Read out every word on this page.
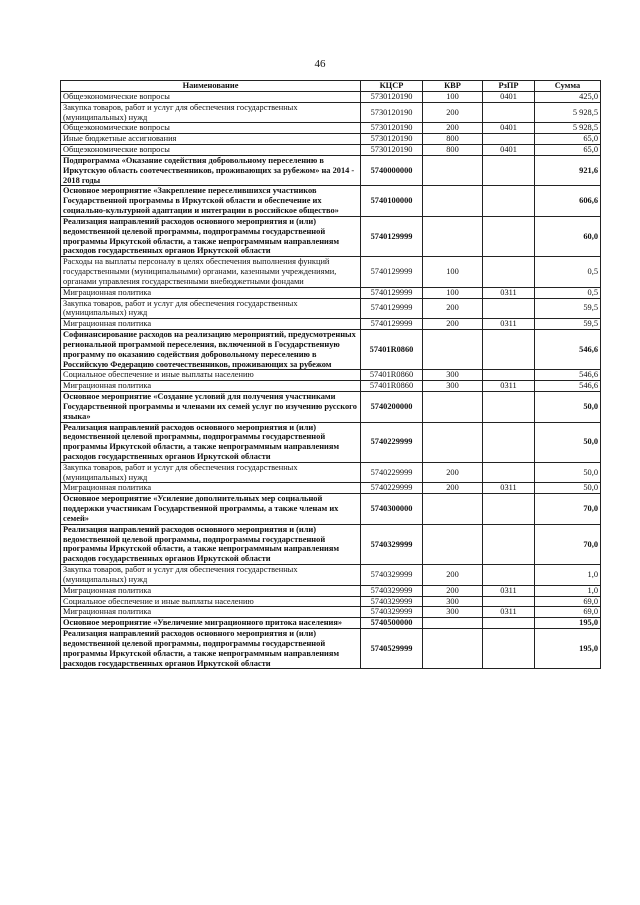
46
Наименование	КЦСР	КВР	РзПР	Сумма
Общеэкономические вопросы	5730120190	100	0401	425,0
Закупка товаров, работ и услуг для обеспечения государственных (муниципальных) нужд	5730120190	200		5 928,5
Общеэкономические вопросы	5730120190	200	0401	5 928,5
Иные бюджетные ассигнования	5730120190	800		65,0
Общеэкономические вопросы	5730120190	800	0401	65,0
Подпрограмма «Оказание содействия добровольному переселению в Иркутскую область соотечественников, проживающих за рубежом» на 2014 - 2018 годы	5740000000			921,6
Основное мероприятие «Закрепление переселившихся участников Государственной программы в Иркутской области и обеспечение их социально-культурной адаптации и интеграции в российское общество»	5740100000			606,6
Реализация направлений расходов основного мероприятия и (или) ведомственной целевой программы, подпрограммы государственной программы Иркутской области, а также непрограммным направлениям расходов государственных органов Иркутской области	5740129999			60,0
Расходы на выплаты персоналу в целях обеспечения выполнения функций государственными (муниципальными) органами, казенными учреждениями, органами управления государственными внебюджетными фондами	5740129999	100		0,5
Миграционная политика	5740129999	100	0311	0,5
Закупка товаров, работ и услуг для обеспечения государственных (муниципальных) нужд	5740129999	200		59,5
Миграционная политика	5740129999	200	0311	59,5
Софинансирование расходов на реализацию мероприятий, предусмотренных региональной программой переселения, включенной в Государственную программу по оказанию содействия добровольному переселению в Российскую Федерацию соотечественников, проживающих за рубежом	57401R0860			546,6
Социальное обеспечение и иные выплаты населению	57401R0860	300		546,6
Миграционная политика	57401R0860	300	0311	546,6
Основное мероприятие «Создание условий для получения участниками Государственной программы и членами их семей услуг по изучению русского языка»	5740200000			50,0
Реализация направлений расходов основного мероприятия и (или) ведомственной целевой программы, подпрограммы государственной программы Иркутской области, а также непрограммным направлениям расходов государственных органов Иркутской области	5740229999			50,0
Закупка товаров, работ и услуг для обеспечения государственных (муниципальных) нужд	5740229999	200		50,0
Миграционная политика	5740229999	200	0311	50,0
Основное мероприятие «Усиление дополнительных мер социальной поддержки участникам Государственной программы, а также членам их семей»	5740300000			70,0
Реализация направлений расходов основного мероприятия и (или) ведомственной целевой программы, подпрограммы государственной программы Иркутской области, а также непрограммным направлениям расходов государственных органов Иркутской области	5740329999			70,0
Закупка товаров, работ и услуг для обеспечения государственных (муниципальных) нужд	5740329999	200		1,0
Миграционная политика	5740329999	200	0311	1,0
Социальное обеспечение и иные выплаты населению	5740329999	300		69,0
Миграционная политика	5740329999	300	0311	69,0
Основное мероприятие «Увеличение миграционного притока населения»	5740500000			195,0
Реализация направлений расходов основного мероприятия и (или) ведомственной целевой программы, подпрограммы государственной программы Иркутской области, а также непрограммным направлениям расходов государственных органов Иркутской области	5740529999			195,0
